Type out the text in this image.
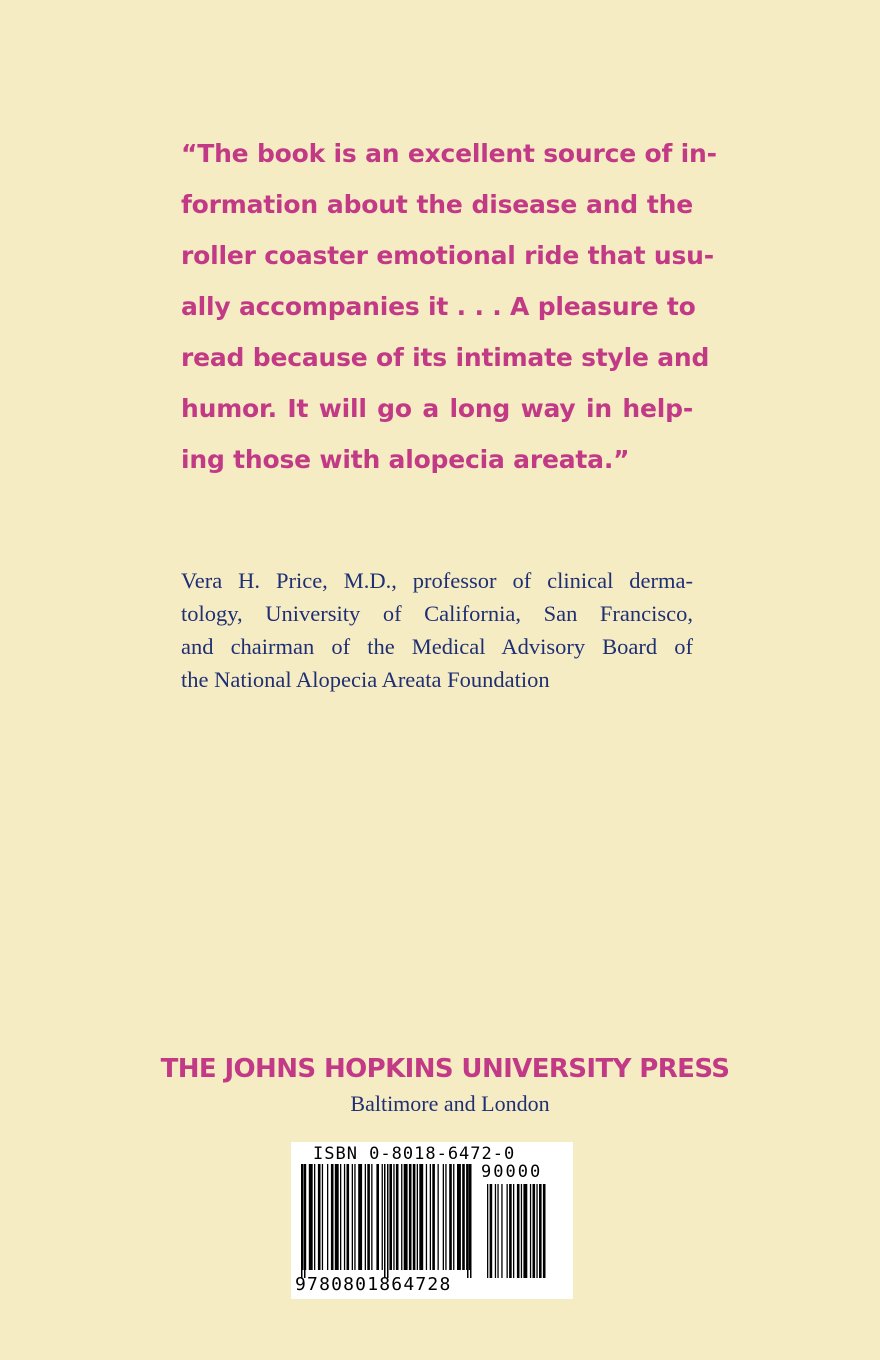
“The book is an excellent source of in-
formation about the disease and the
roller coaster emotional ride that usu-
ally accompanies it . . . A pleasure to
read because of its intimate style and
humor. It will go a long way in help-
ing those with alopecia areata.”
Vera H. Price, M.D., professor of clinical derma-
tology, University of California, San Francisco,
and chairman of the Medical Advisory Board of
the National Alopecia Areata Foundation
THE JOHNS HOPKINS UNIVERSITY PRESS
Baltimore and London
ISBN 0-8018-6472-0
90000
9780801864728
